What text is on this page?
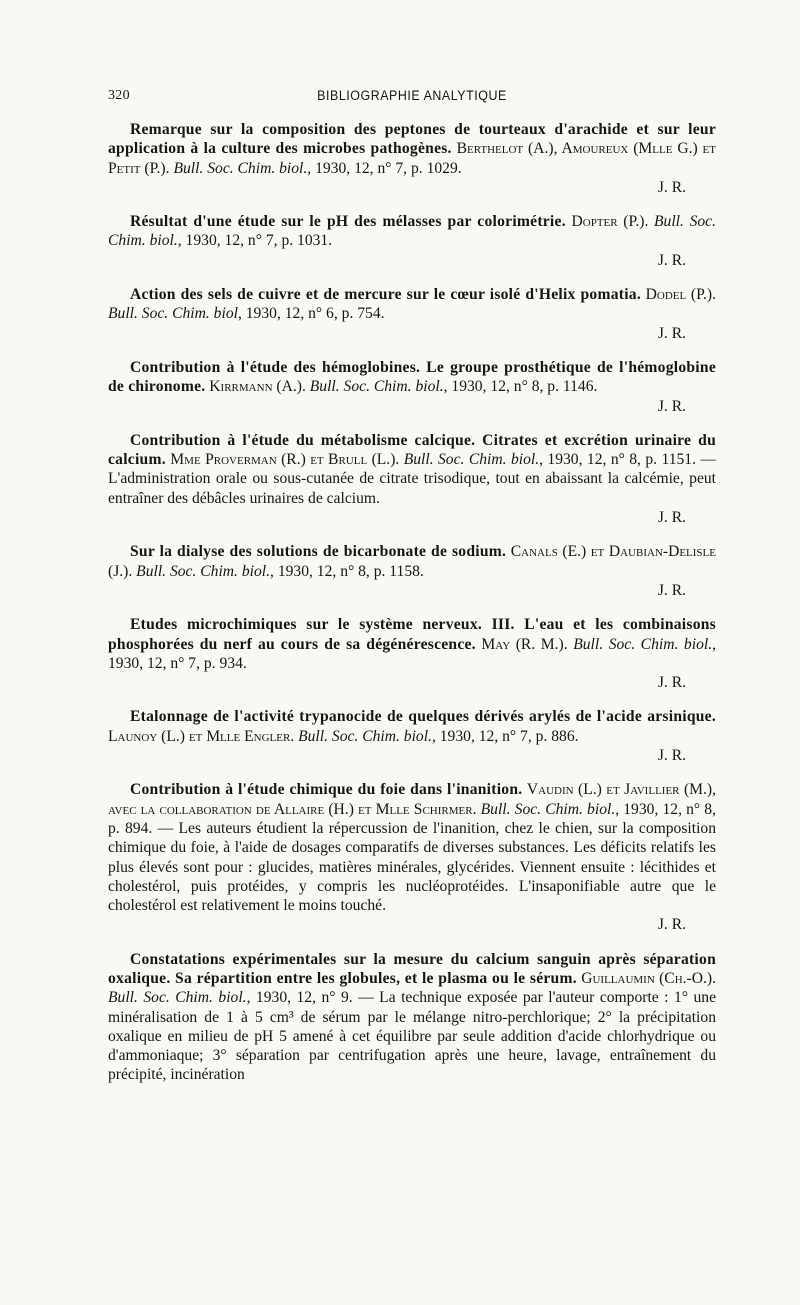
320	BIBLIOGRAPHIE ANALYTIQUE

Remarque sur la composition des peptones de tourteaux d'arachide et sur leur application à la culture des microbes pathogènes. Berthelot (A.), Amoureux (Mlle G.) et Petit (P.). Bull. Soc. Chim. biol., 1930, 12, n° 7, p. 1029.

J. R.

Résultat d'une étude sur le pH des mélasses par colorimétrie. Dopter (P.). Bull. Soc. Chim. biol., 1930, 12, n° 7, p. 1031.

J. R.

Action des sels de cuivre et de mercure sur le cœur isolé d'Helix pomatia. Dodel (P.). Bull. Soc. Chim. biol, 1930, 12, n° 6, p. 754.

J. R.

Contribution à l'étude des hémoglobines. Le groupe prosthétique de l'hémoglobine de chironome. Kirrmann (A.). Bull. Soc. Chim. biol., 1930, 12, n° 8, p. 1146.

J. R.

Contribution à l'étude du métabolisme calcique. Citrates et excrétion urinaire du calcium. Mme Proverman (R.) et Brull (L.). Bull. Soc. Chim. biol., 1930, 12, n° 8, p. 1151. — L'administration orale ou sous-cutanée de citrate trisodique, tout en abaissant la calcémie, peut entraîner des débâcles urinaires de calcium.

J. R.

Sur la dialyse des solutions de bicarbonate de sodium. Canals (E.) et Daubian-Delisle (J.). Bull. Soc. Chim. biol., 1930, 12, n° 8, p. 1158.

J. R.

Etudes microchimiques sur le système nerveux. III. L'eau et les combinaisons phosphorées du nerf au cours de sa dégénérescence. May (R. M.). Bull. Soc. Chim. biol., 1930, 12, n° 7, p. 934.

J. R.

Etalonnage de l'activité trypanocide de quelques dérivés arylés de l'acide arsinique. Launoy (L.) et Mlle Engler. Bull. Soc. Chim. biol., 1930, 12, n° 7, p. 886.

J. R.

Contribution à l'étude chimique du foie dans l'inanition. Vaudin (L.) et Javillier (M.), avec la collaboration de Allaire (H.) et Mlle Schirmer. Bull. Soc. Chim. biol., 1930, 12, n° 8, p. 894. — Les auteurs étudient la répercussion de l'inanition, chez le chien, sur la composition chimique du foie, à l'aide de dosages comparatifs de diverses substances. Les déficits relatifs les plus élevés sont pour : glucides, matières minérales, glycérides. Viennent ensuite : lécithides et cholestérol, puis protéides, y compris les nucléoprotéides. L'insaponifiable autre que le cholestérol est relativement le moins touché.

J. R.

Constatations expérimentales sur la mesure du calcium sanguin après séparation oxalique. Sa répartition entre les globules, et le plasma ou le sérum. Guillaumin (Ch.-O.). Bull. Soc. Chim. biol., 1930, 12, n° 9. — La technique exposée par l'auteur comporte : 1° une minéralisation de 1 à 5 cm³ de sérum par le mélange nitro-perchlorique; 2° la précipitation oxalique en milieu de pH 5 amené à cet équilibre par seule addition d'acide chlorhydrique ou d'ammoniaque; 3° séparation par centrifugation après une heure, lavage, entraînement du précipité, incinération
